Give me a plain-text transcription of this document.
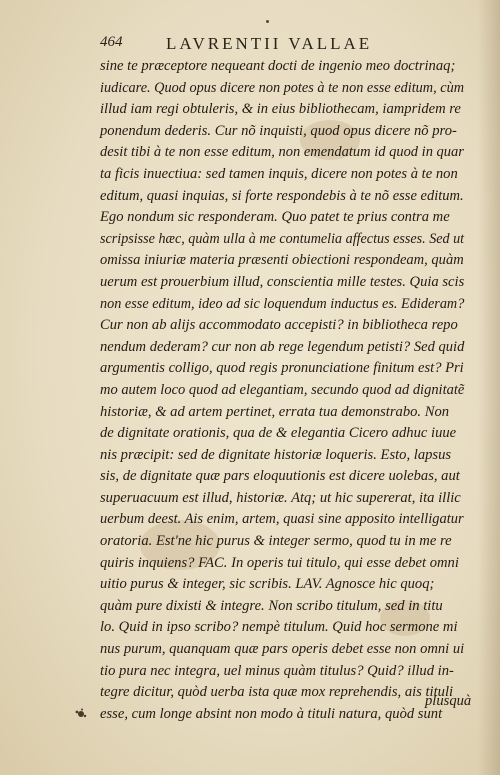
464	LAVRENTII VALLAE
sine te præceptore nequeant docti de ingenio meo doctrinaq;
iudicare. Quod opus dicere non potes à te non esse editum, cùm
illud iam regi obtuleris, & in eius bibliothecam, iampridem re
ponendum dederis. Cur nõ inquisti, quod opus dicere nõ pro-
desit tibi à te non esse editum, non emendatum id quod in quar
ta ficis inuectiua: sed tamen inquis, dicere non potes à te non
editum, quasi inquias, si forte respondebis à te nõ esse editum.
Ego nondum sic responderam. Quo patet te prius contra me
scripsisse hæc, quàm ulla à me contumelia affectus esses. Sed ut
omissa iniuriæ materia præsenti obiectioni respondeam, quàm
uerum est prouerbium illud, conscientia mille testes. Quia scis
non esse editum, ideo ad sic loquendum inductus es. Edideram?
Cur non ab alijs accommodato accepisti? in bibliotheca repo
nendum dederam? cur non ab rege legendum petisti? Sed quid
argumentis colligo, quod regis pronunciatione finitum est? Pri
mo autem loco quod ad elegantiam, secundo quod ad dignitatẽ
historiæ, & ad artem pertinet, errata tua demonstrabo. Non
de dignitate orationis, qua de & elegantia Cicero adhuc iuue
nis præcipit: sed de dignitate historiæ loqueris. Esto, lapsus
sis, de dignitate quæ pars eloquutionis est dicere uolebas, aut
superuacuum est illud, historiæ. Atq; ut hic supererat, ita illic
uerbum deest. Ais enim, artem, quasi sine apposito intelligatur
oratoria. Est'ne hic purus & integer sermo, quod tu in me re
quiris inquiens? FAC. In operis tui titulo, qui esse debet omni
uitio purus & integer, sic scribis. LAV. Agnosce hic quoq;
quàm pure dixisti & integre. Non scribo titulum, sed in titu
lo. Quid in ipso scribo? nempè titulum. Quid hoc sermone mi
nus purum, quanquam quæ pars operis debet esse non omni ui
tio pura nec integra, uel minus quàm titulus? Quid? illud in-
tegre dicitur, quòd uerba ista quæ mox reprehendis, ais tituli
esse, cum longe absint non modo à tituli natura, quòd sunt
plusquà
